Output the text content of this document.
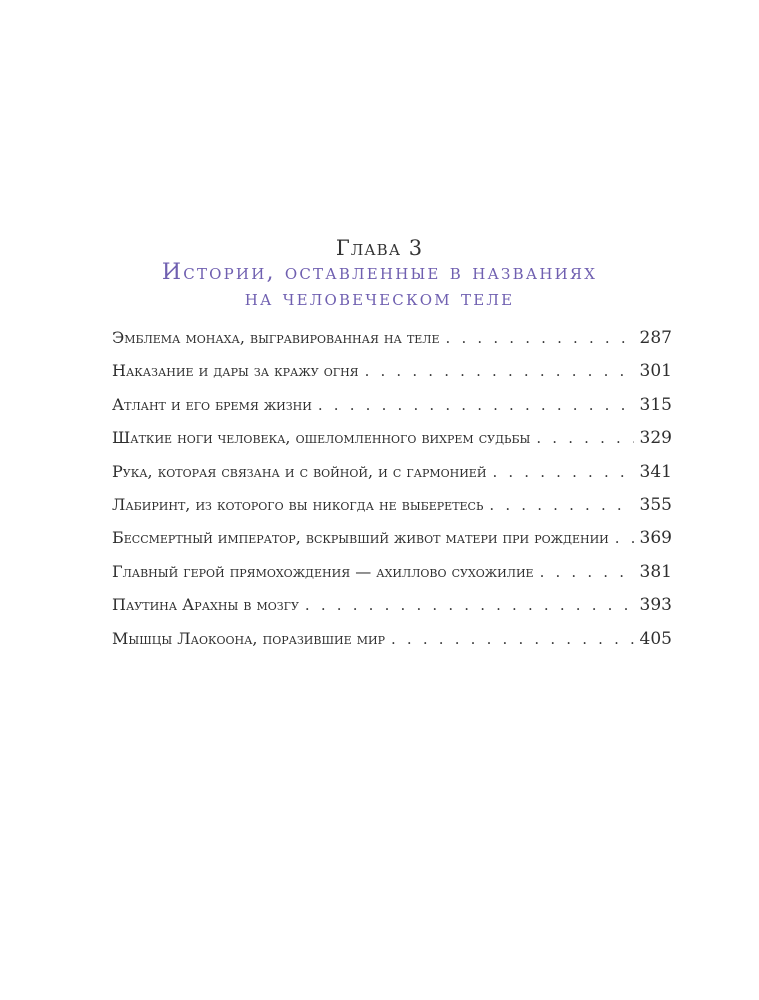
Глава 3
Истории, оставленные в названиях
на человеческом теле
Эмблема монаха, выгравированная на теле . . .	287
Наказание и дары за кражу огня . . .	301
Атлант и его бремя жизни . . .	315
Шаткие ноги человека, ошеломленного вихрем судьбы . . .	329
Рука, которая связана и с войной, и с гармонией . . .	341
Лабиринт, из которого вы никогда не выберетесь . . .	355
Бессмертный император, вскрывший живот матери при рождении . . . 369
Главный герой прямохождения — ахиллово сухожилие . . .	381
Паутина Арахны в мозгу . . .	393
Мышцы Лаокоона, поразившие мир . . .	405
